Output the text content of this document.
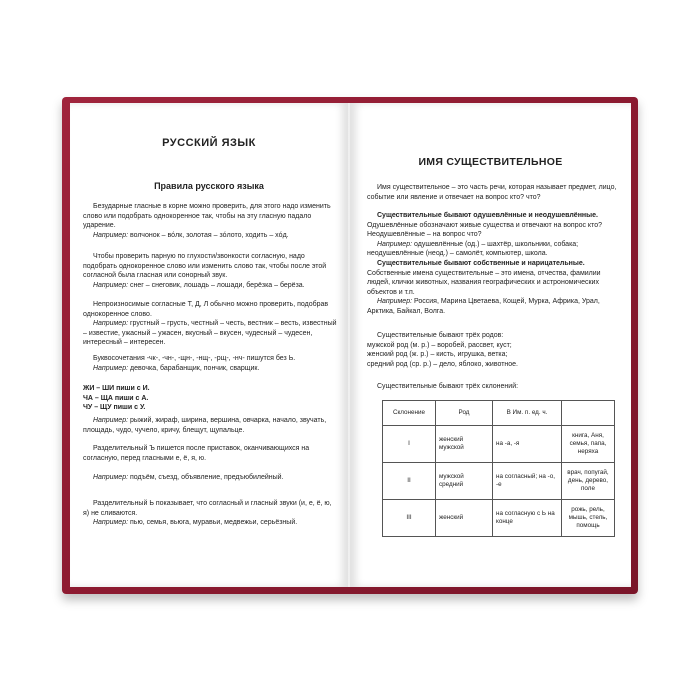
РУССКИЙ ЯЗЫК
Правила русского языка
Безударные гласные в корне можно проверить, для этого надо изменить слово или подобрать однокоренное так, чтобы на эту гласную падало ударение.
Например: волчонок – вóлк, золотая – зóлото, ходить – хóд.
Чтобы проверить парную по глухости/звонкости согласную, надо подобрать однокоренное слово или изменить слово так, чтобы после этой согласной была гласная или сонорный звук.
Например: снег – снеговик, лошадь – лошади, берёзка – берёза.
Непроизносимые согласные Т, Д, Л обычно можно проверить, подобрав однокоренное слово.
Например: грустный – грусть, честный – честь, вестник – весть, известный – известие, ужасный – ужасен, вкусный – вкусен, чудесный – чудесен, интересный – интересен.
Буквосочетания -чк-, -чн-, -щн-, -нщ-, -рщ-, -нч- пишутся без Ь.
Например: девочка, барабанщик, пончик, сварщик.
ЖИ – ШИ пиши с И.
ЧА – ЩА пиши с А.
ЧУ – ЩУ пиши с У.
Например: рыжий, жираф, ширина, вершина, овчарка, начало, звучать, площадь, чудо, чучело, кричу, блещут, щупальце.
Разделительный Ъ пишется после приставок, оканчивающихся на согласную, перед гласными е, ё, я, ю.
Например: подъём, съезд, объявление, предъюбилейный.
Разделительный Ь показывает, что согласный и гласный звуки (и, е, ё, ю, я) не сливаются.
Например: пью, семья, вьюга, муравьи, медвежьи, серьёзный.
ИМЯ СУЩЕСТВИТЕЛЬНОЕ
Имя существительное – это часть речи, которая называет предмет, лицо, событие или явление и отвечает на вопрос кто? что?
Существительные бывают одушевлённые и неодушевлённые.
Одушевлённые обозначают живые существа и отвечают на вопрос кто?
Неодушевлённые – на вопрос что?
Например: одушевлённые (од.) – шахтёр, школьники, собака; неодушевлённые (неод.) – самолёт, компьютер, школа.
Существительные бывают собственные и нарицательные.
Собственные имена существительные – это имена, отчества, фамилии людей, клички животных, названия географических и астрономических объектов и т.п.
Например: Россия, Марина Цветаева, Кощей, Мурка, Африка, Урал, Арктика, Байкал, Волга.
Существительные бывают трёх родов:
мужской род (м. р.) – воробей, рассвет, куст;
женский род (ж. р.) – кисть, игрушка, ветка;
средний род (ср. р.) – дело, яблоко, животное.
Существительные бывают трёх склонений:
Склонение	Род	В Им. п. ед. ч.	
I	женский мужской	на -а, -я	книга, Аня, семья, папа, неряха
II	мужской средний	на согласный; на -о, -е	врач, попугай, день, дерево, поле
III	женский	на согласную с Ь на конце	рожь, рель, мышь, стель, помощь
